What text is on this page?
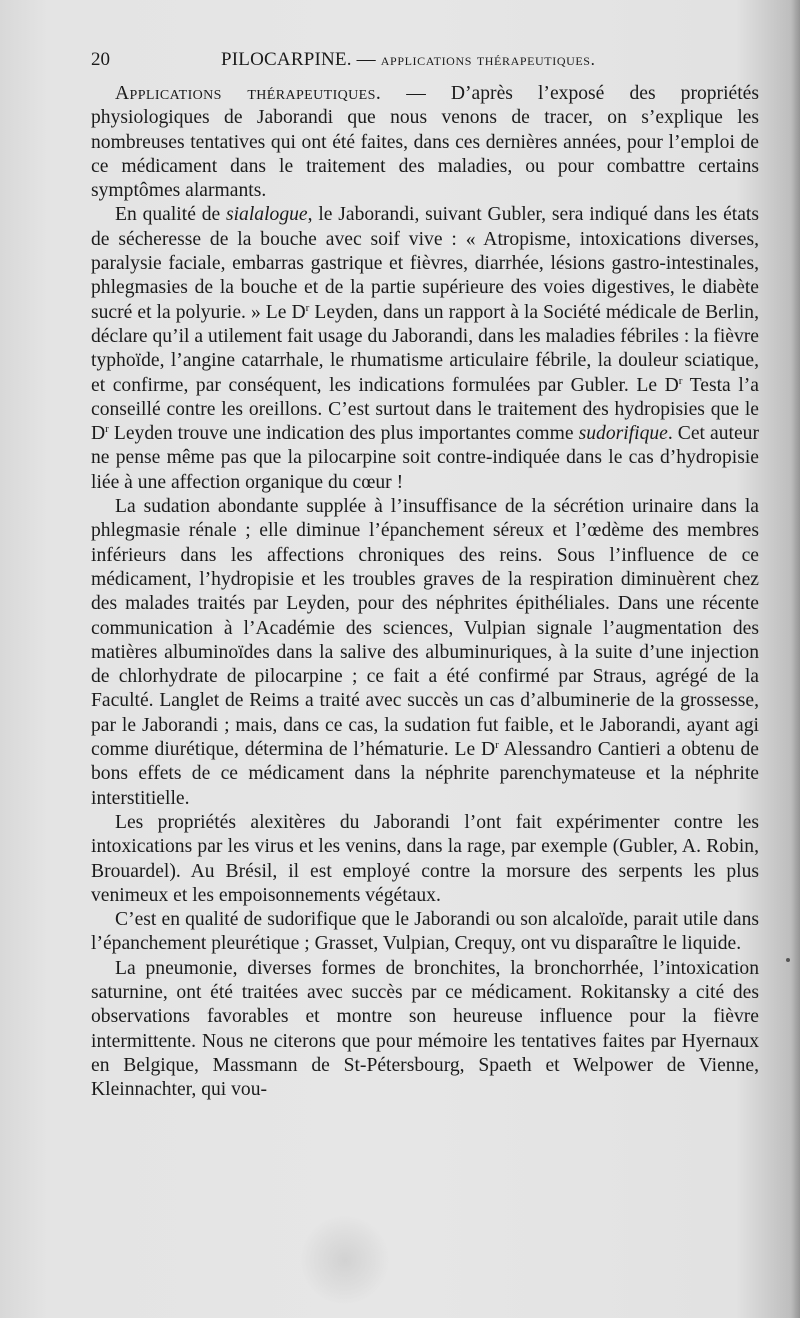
20	PILOCARPINE. — applications thérapeutiques.

Applications thérapeutiques. — D’après l’exposé des propriétés physiologiques de Jaborandi que nous venons de tracer, on s’explique les nombreuses tentatives qui ont été faites, dans ces dernières années, pour l’emploi de ce médicament dans le traitement des maladies, ou pour combattre certains symptômes alarmants.

En qualité de sialalogue, le Jaborandi, suivant Gubler, sera indiqué dans les états de sécheresse de la bouche avec soif vive : « Atropisme, intoxications diverses, paralysie faciale, embarras gastrique et fièvres, diarrhée, lésions gastro-intestinales, phlegmasies de la bouche et de la partie supérieure des voies digestives, le diabète sucré et la polyurie. » Le $D^r$ Leyden, dans un rapport à la Société médicale de Berlin, déclare qu’il a utilement fait usage du Jaborandi, dans les maladies fébriles : la fièvre typhoïde, l’angine catarrhale, le rhumatisme articulaire fébrile, la douleur sciatique, et confirme, par conséquent, les indications formulées par Gubler. Le $D^r$ Testa l’a conseillé contre les oreillons. C’est surtout dans le traitement des hydropisies que le $D^r$ Leyden trouve une indication des plus importantes comme sudorifique. Cet auteur ne pense même pas que la pilocarpine soit contre-indiquée dans le cas d’hydropisie liée à une affection organique du cœur !

La sudation abondante supplée à l’insuffisance de la sécrétion urinaire dans la phlegmasie rénale ; elle diminue l’épanchement séreux et l’œdème des membres inférieurs dans les affections chroniques des reins. Sous l’influence de ce médicament, l’hydropisie et les troubles graves de la respiration diminuèrent chez des malades traités par Leyden, pour des néphrites épithéliales. Dans une récente communication à l’Académie des sciences, Vulpian signale l’augmentation des matières albuminoïdes dans la salive des albuminuriques, à la suite d’une injection de chlorhydrate de pilocarpine ; ce fait a été confirmé par Straus, agrégé de la Faculté. Langlet de Reims a traité avec succès un cas d’albuminerie de la grossesse, par le Jaborandi ; mais, dans ce cas, la sudation fut faible, et le Jaborandi, ayant agi comme diurétique, détermina de l’hématurie. Le $D^r$ Alessandro Cantieri a obtenu de bons effets de ce médicament dans la néphrite parenchymateuse et la néphrite interstitielle.

Les propriétés alexitères du Jaborandi l’ont fait expérimenter contre les intoxications par les virus et les venins, dans la rage, par exemple (Gubler, A. Robin, Brouardel). Au Brésil, il est employé contre la morsure des serpents les plus venimeux et les empoisonnements végétaux.

C’est en qualité de sudorifique que le Jaborandi ou son alcaloïde, parait utile dans l’épanchement pleurétique ; Grasset, Vulpian, Crequy, ont vu disparaître le liquide.

La pneumonie, diverses formes de bronchites, la bronchorrhée, l’intoxication saturnine, ont été traitées avec succès par ce médicament. Rokitansky a cité des observations favorables et montre son heureuse influence pour la fièvre intermittente. Nous ne citerons que pour mémoire les tentatives faites par Hyernaux en Belgique, Massmann de St-Pétersbourg, Spaeth et Welpower de Vienne, Kleinnachter, qui vou-
